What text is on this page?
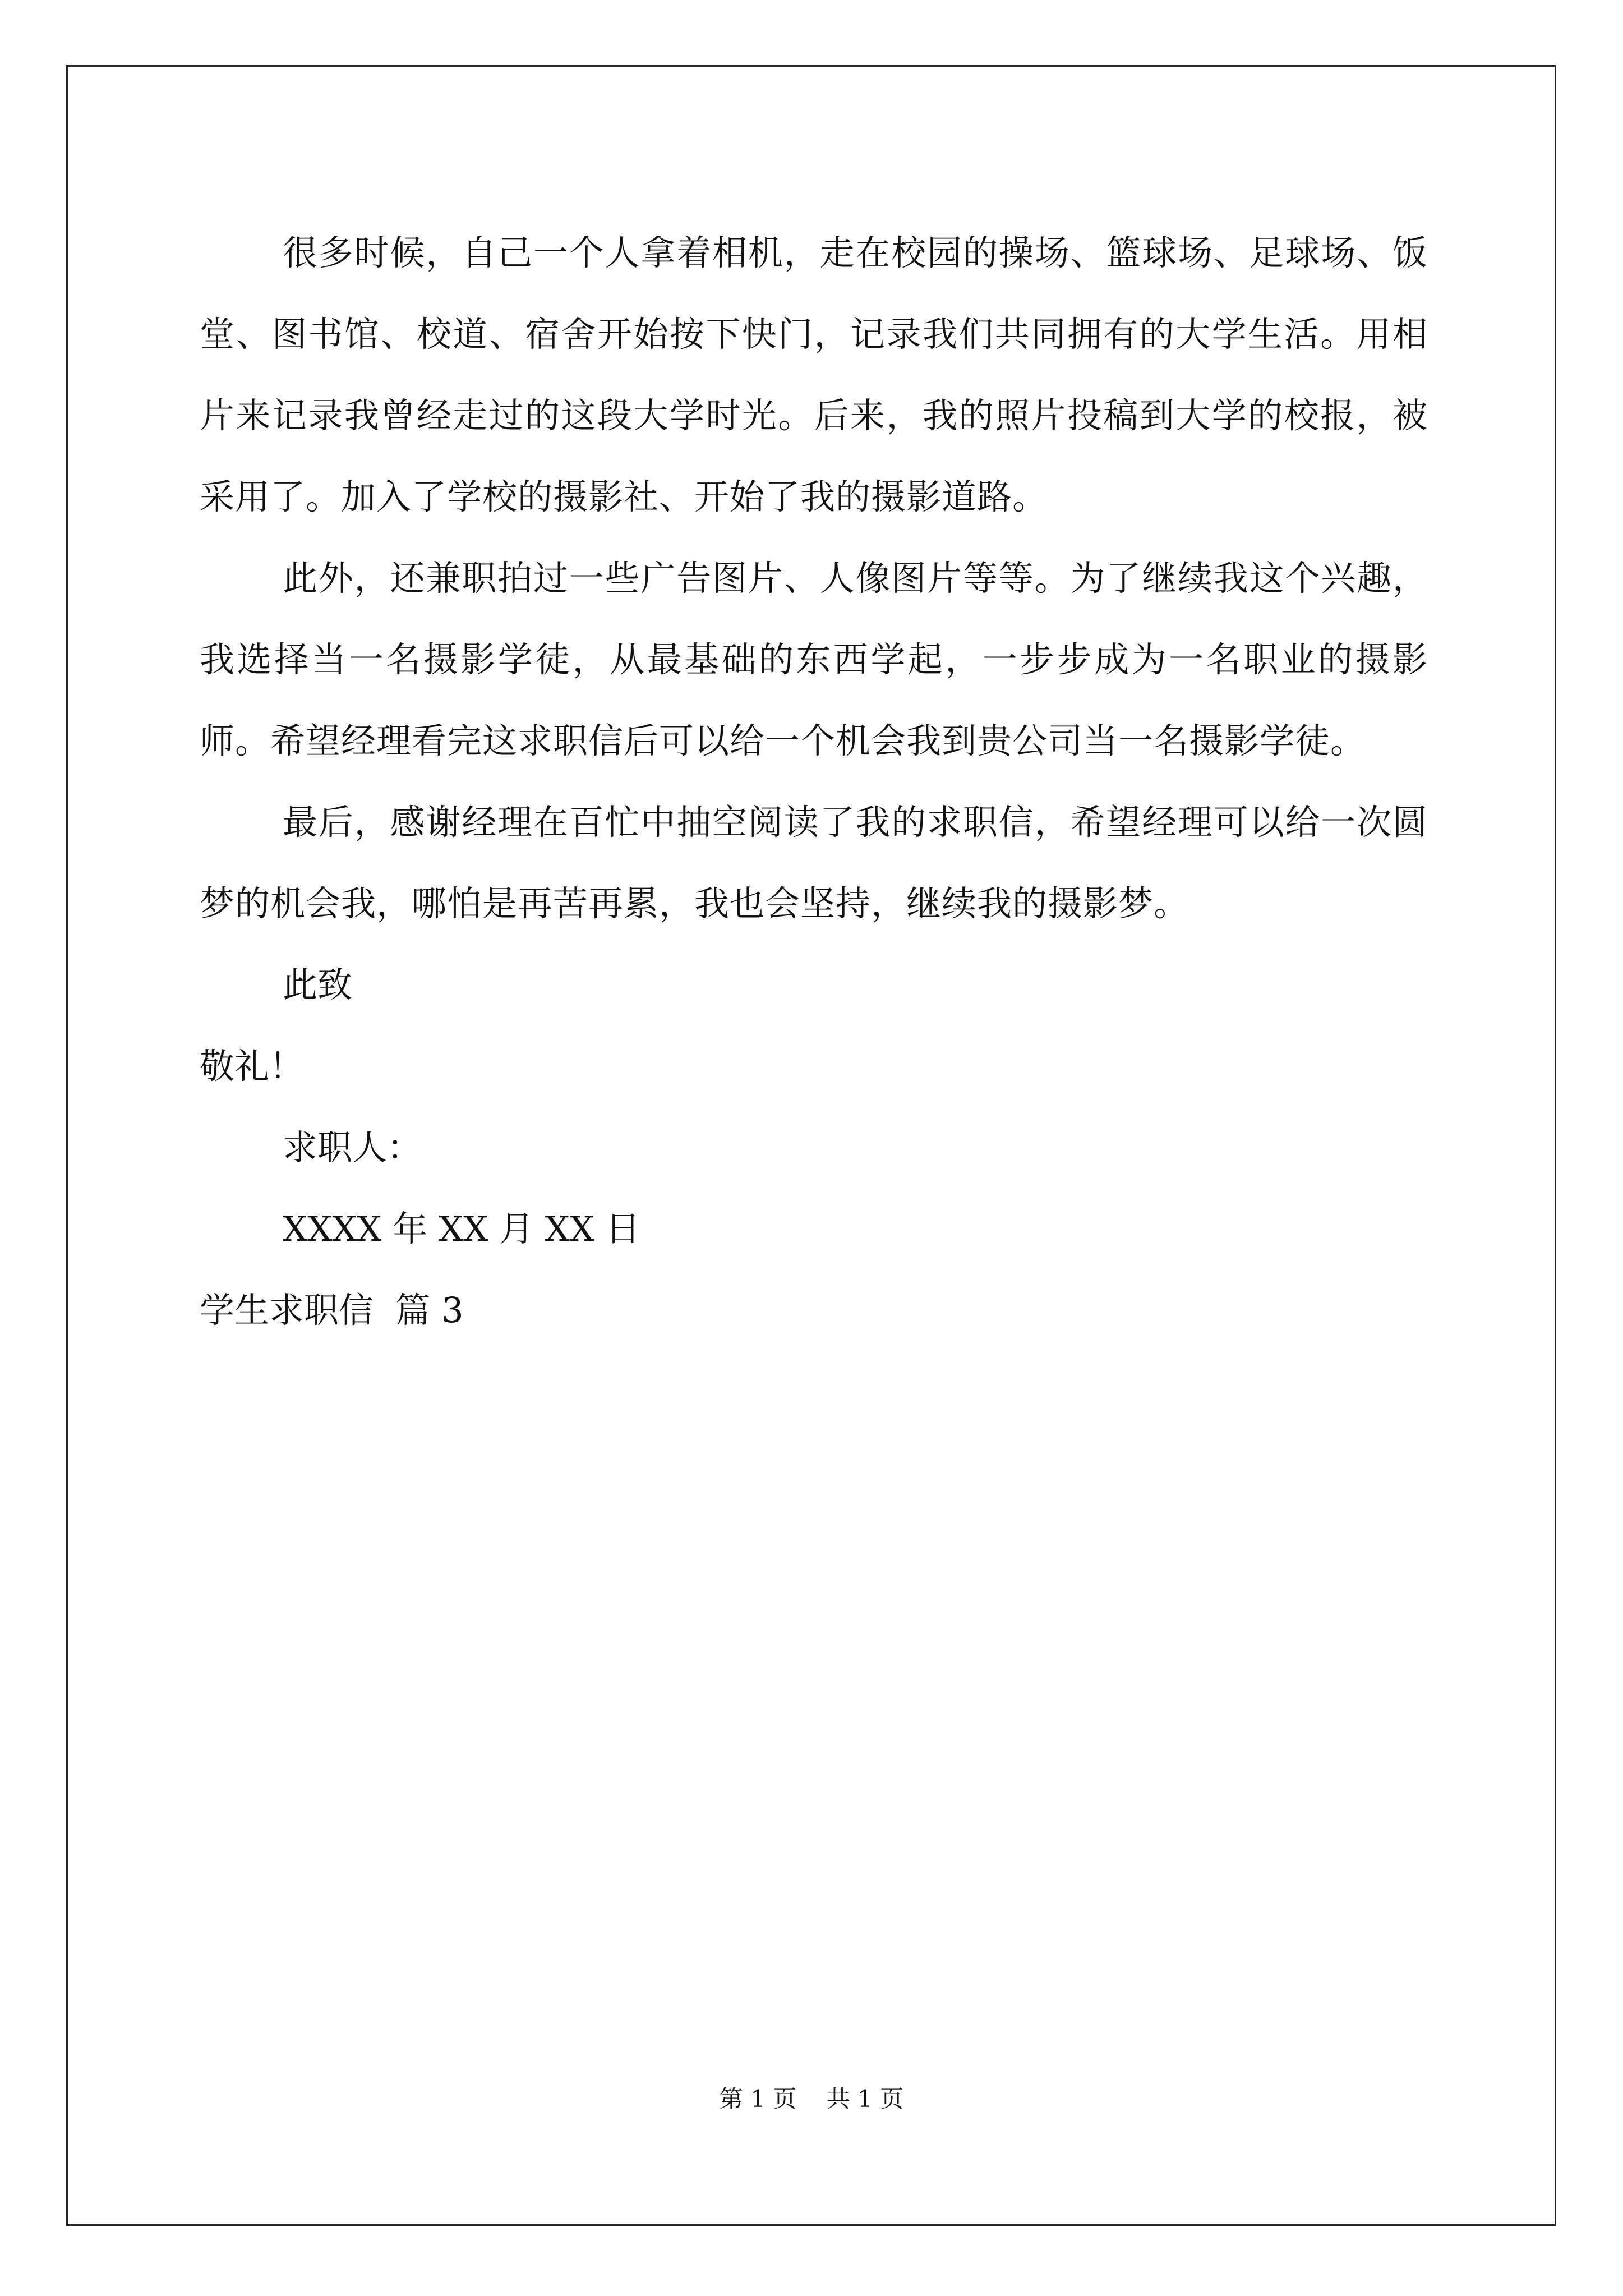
很多时候，自己一个人拿着相机，走在校园的操场、篮球场、足球场、饭堂、图书馆、校道、宿舍开始按下快门，记录我们共同拥有的大学生活。用相片来记录我曾经走过的这段大学时光。后来，我的照片投稿到大学的校报，被采用了。加入了学校的摄影社、开始了我的摄影道路。

此外，还兼职拍过一些广告图片、人像图片等等。为了继续我这个兴趣，我选择当一名摄影学徒，从最基础的东西学起，一步步成为一名职业的摄影师。希望经理看完这求职信后可以给一个机会我到贵公司当一名摄影学徒。

最后，感谢经理在百忙中抽空阅读了我的求职信，希望经理可以给一次圆梦的机会我，哪怕是再苦再累，我也会坚持，继续我的摄影梦。

此致

敬礼！

求职人：

XXXX 年 XX 月 XX 日

学生求职信  篇 3

第 1 页    共 1 页
